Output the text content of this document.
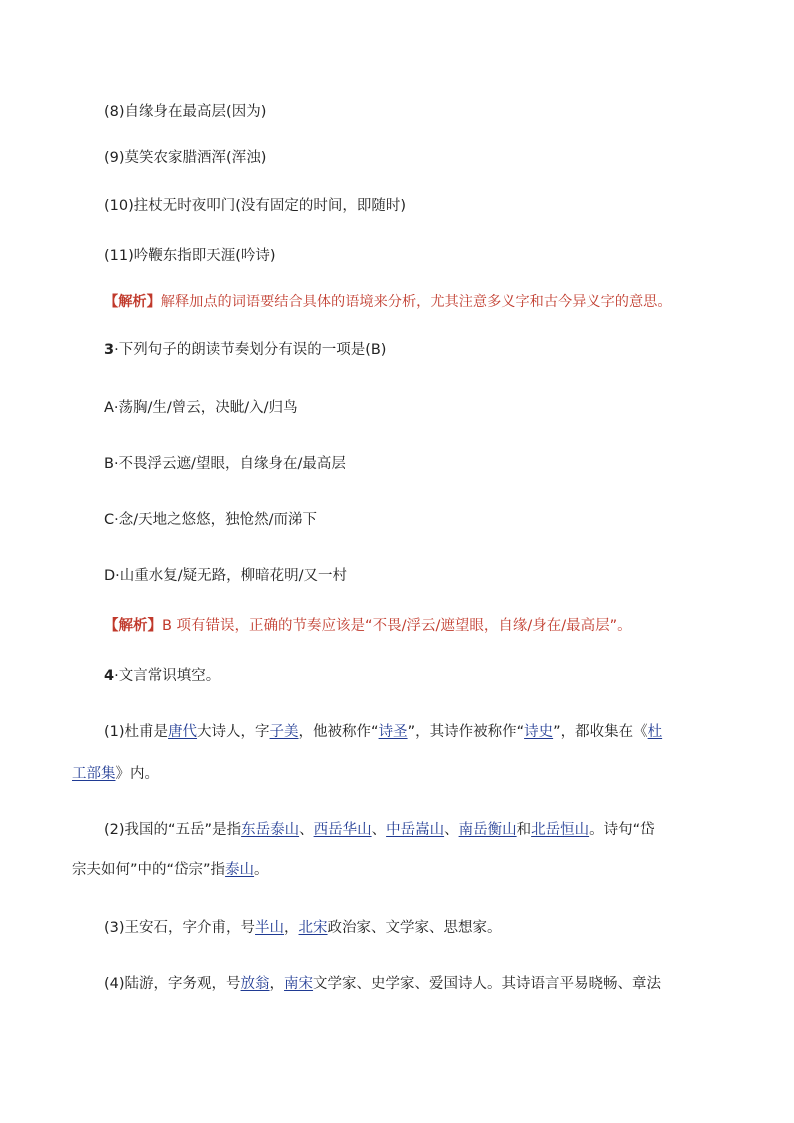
(8)自缘身在最高层(因为)
(9)莫笑农家腊酒浑(浑浊)
(10)拄杖无时夜叩门(没有固定的时间，即随时)
(11)吟鞭东指即天涯(吟诗)
【解析】解释加点的词语要结合具体的语境来分析，尤其注意多义字和古今异义字的意思。
3·下列句子的朗读节奏划分有误的一项是(B)
A·荡胸/生/曾云，决眦/入/归鸟
B·不畏浮云遮/望眼，自缘身在/最高层
C·念/天地之悠悠，独怆然/而涕下
D·山重水复/疑无路，柳暗花明/又一村
【解析】B 项有错误，正确的节奏应该是“不畏/浮云/遮望眼，自缘/身在/最高层”。
4·文言常识填空。
(1)杜甫是唐代大诗人，字子美，他被称作“诗圣”，其诗作被称作“诗史”，都收集在《杜
工部集》内。
(2)我国的“五岳”是指东岳泰山、西岳华山、中岳嵩山、南岳衡山和北岳恒山。诗句“岱
宗夫如何”中的“岱宗”指泰山。
(3)王安石，字介甫，号半山，北宋政治家、文学家、思想家。
(4)陆游，字务观，号放翁，南宋文学家、史学家、爱国诗人。其诗语言平易晓畅、章法
